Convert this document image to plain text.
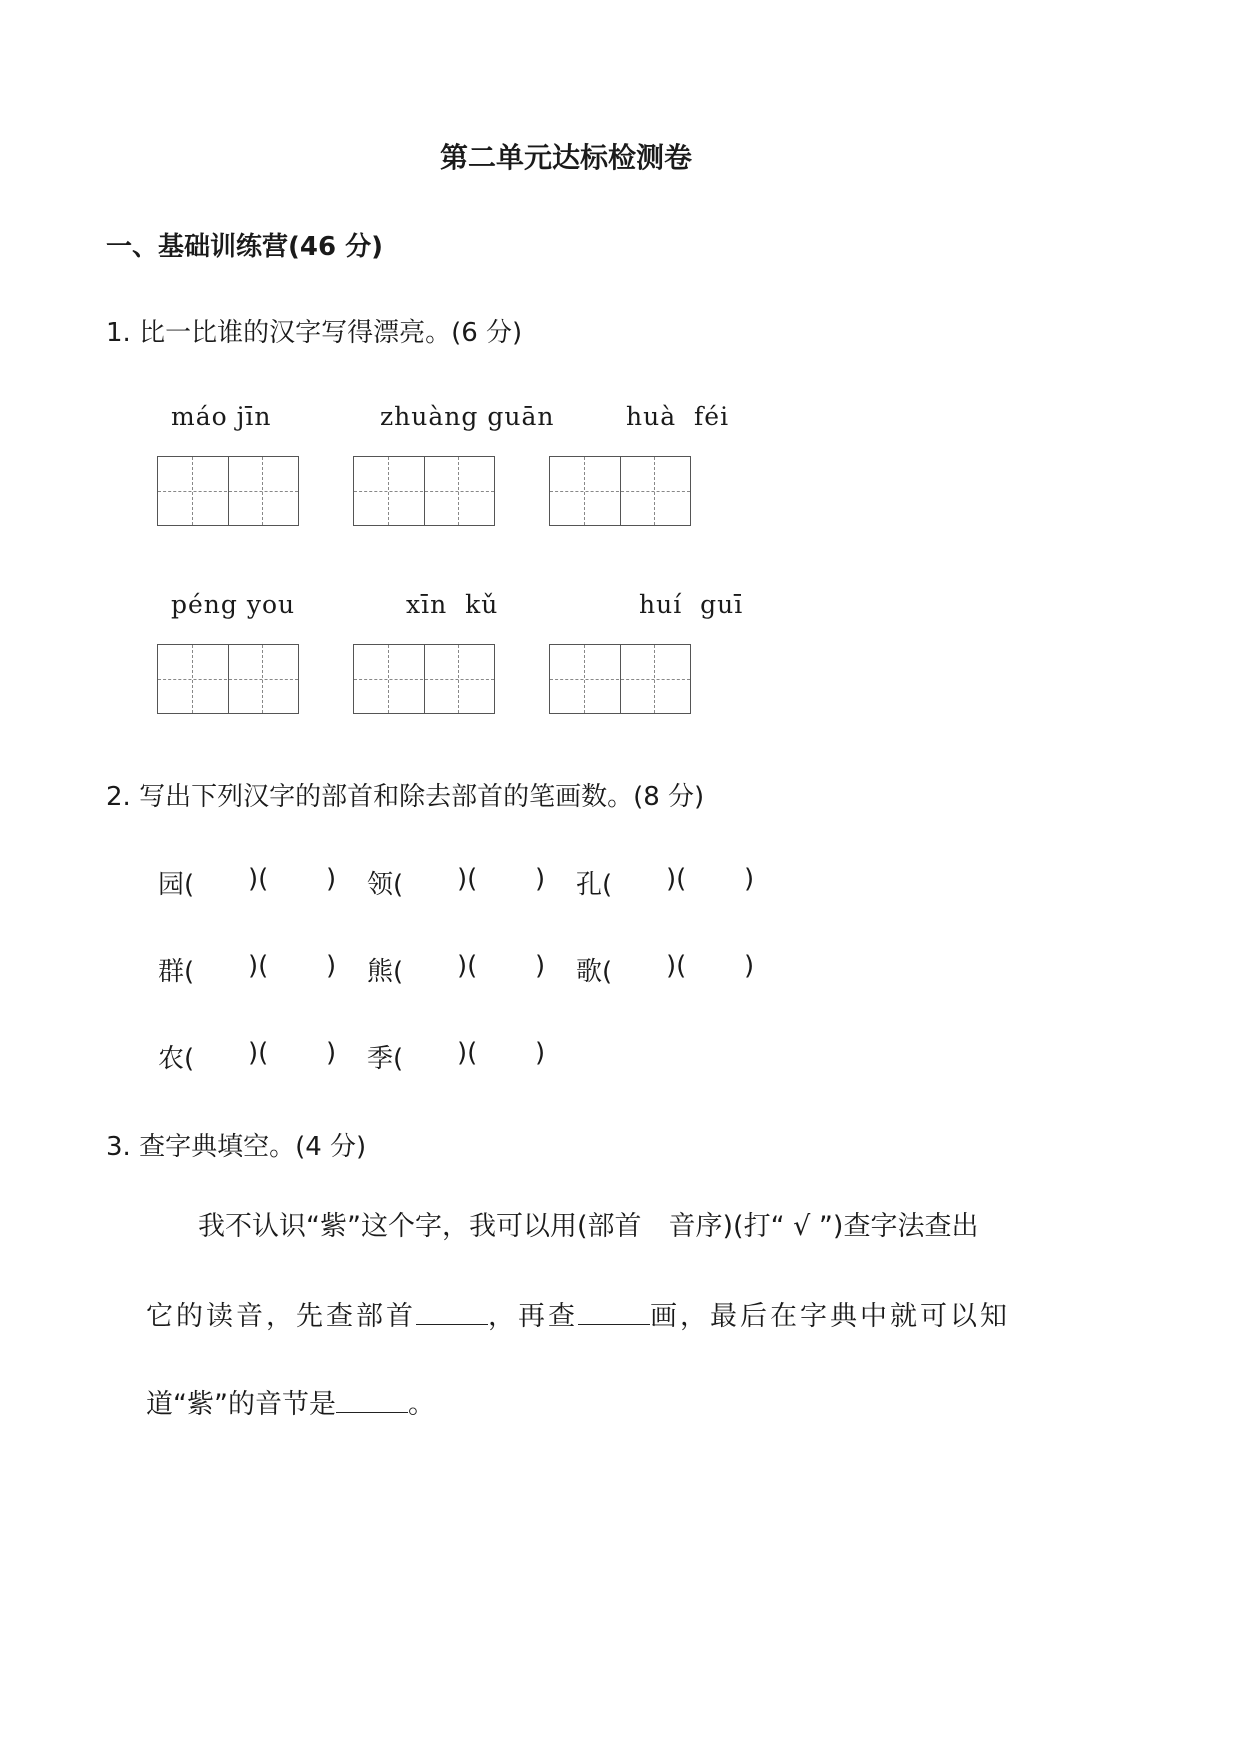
第二单元达标检测卷
一、基础训练营(46 分)
1. 比一比谁的汉字写得漂亮。(6 分)
máo jīn	zhuàng guān	huà féi
péng you	xīn kǔ	huí guī
2. 写出下列汉字的部首和除去部首的笔画数。(8 分)
园( )( ) 领( )( ) 孔( )( )
群( )( ) 熊( )( ) 歌( )( )
农( )( ) 季( )( )
3. 查字典填空。(4 分)
我不认识“紫”这个字，我可以用(部首　音序)(打“ √ ”)查字法查出
它的读音，先查部首	，再查	画，最后在字典中就可以知
道“紫”的音节是	。
